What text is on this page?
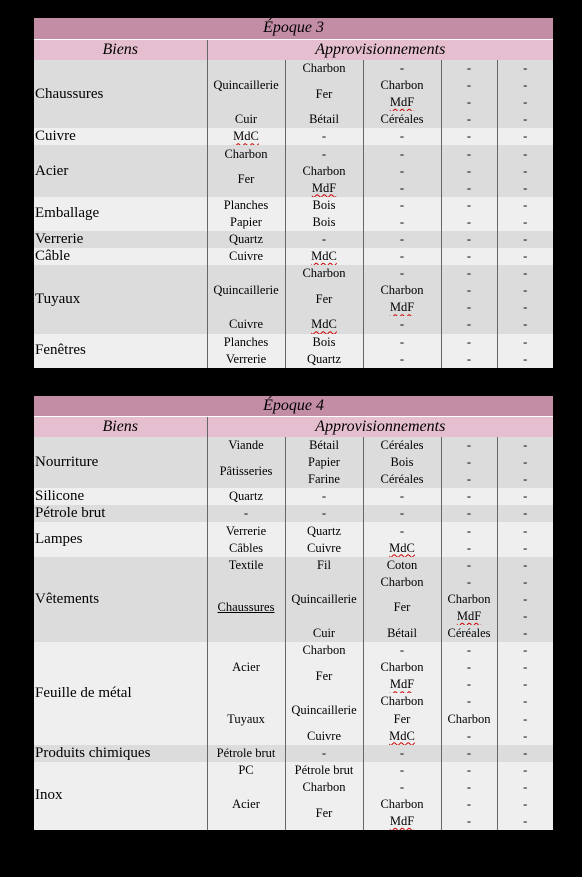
Époque 3					
Biens	Approvisionnements				
Chaussures	Quincaillerie	Charbon	-	-	-
		Fer	Charbon	-	-
			MdF	-	-
	Cuir	Bétail	Céréales	-	-
Cuivre	MdC	-	-	-	-
Acier	Charbon	-	-	-	-
	Fer	Charbon	-	-	-
		MdF	-	-	-
Emballage	Planches	Bois	-	-	-
	Papier	Bois	-	-	-
Verrerie	Quartz	-	-	-	-
Câble	Cuivre	MdC	-	-	-
Tuyaux	Quincaillerie	Charbon	-	-	-
		Fer	Charbon	-	-
			MdF	-	-
	Cuivre	MdC	-	-	-
Fenêtres	Planches	Bois	-	-	-
	Verrerie	Quartz	-	-	-
Époque 4					
Biens	Approvisionnements				
Nourriture	Viande	Bétail	Céréales	-	-
	Pâtisseries	Papier	Bois	-	-
		Farine	Céréales	-	-
Silicone	Quartz	-	-	-	-
Pétrole brut	-	-	-	-	-
Lampes	Verrerie	Quartz	-	-	-
	Câbles	Cuivre	MdC	-	-
Vêtements	Textile	Fil	Coton	-	-
	Chaussures	Quincaillerie	Charbon	-	-
			Fer	Charbon	-
				MdF	-
		Cuir	Bétail	Céréales	-
Feuille de métal	Acier	Charbon	-	-	-
		Fer	Charbon	-	-
			MdF	-	-
	Tuyaux	Quincaillerie	Charbon	-	-
			Fer	Charbon	-
		Cuivre	MdC	-	-
Produits chimiques	Pétrole brut	-	-	-	-
Inox	PC	Pétrole brut	-	-	-
	Acier	Charbon	-	-	-
		Fer	Charbon	-	-
			MdF	-	-
